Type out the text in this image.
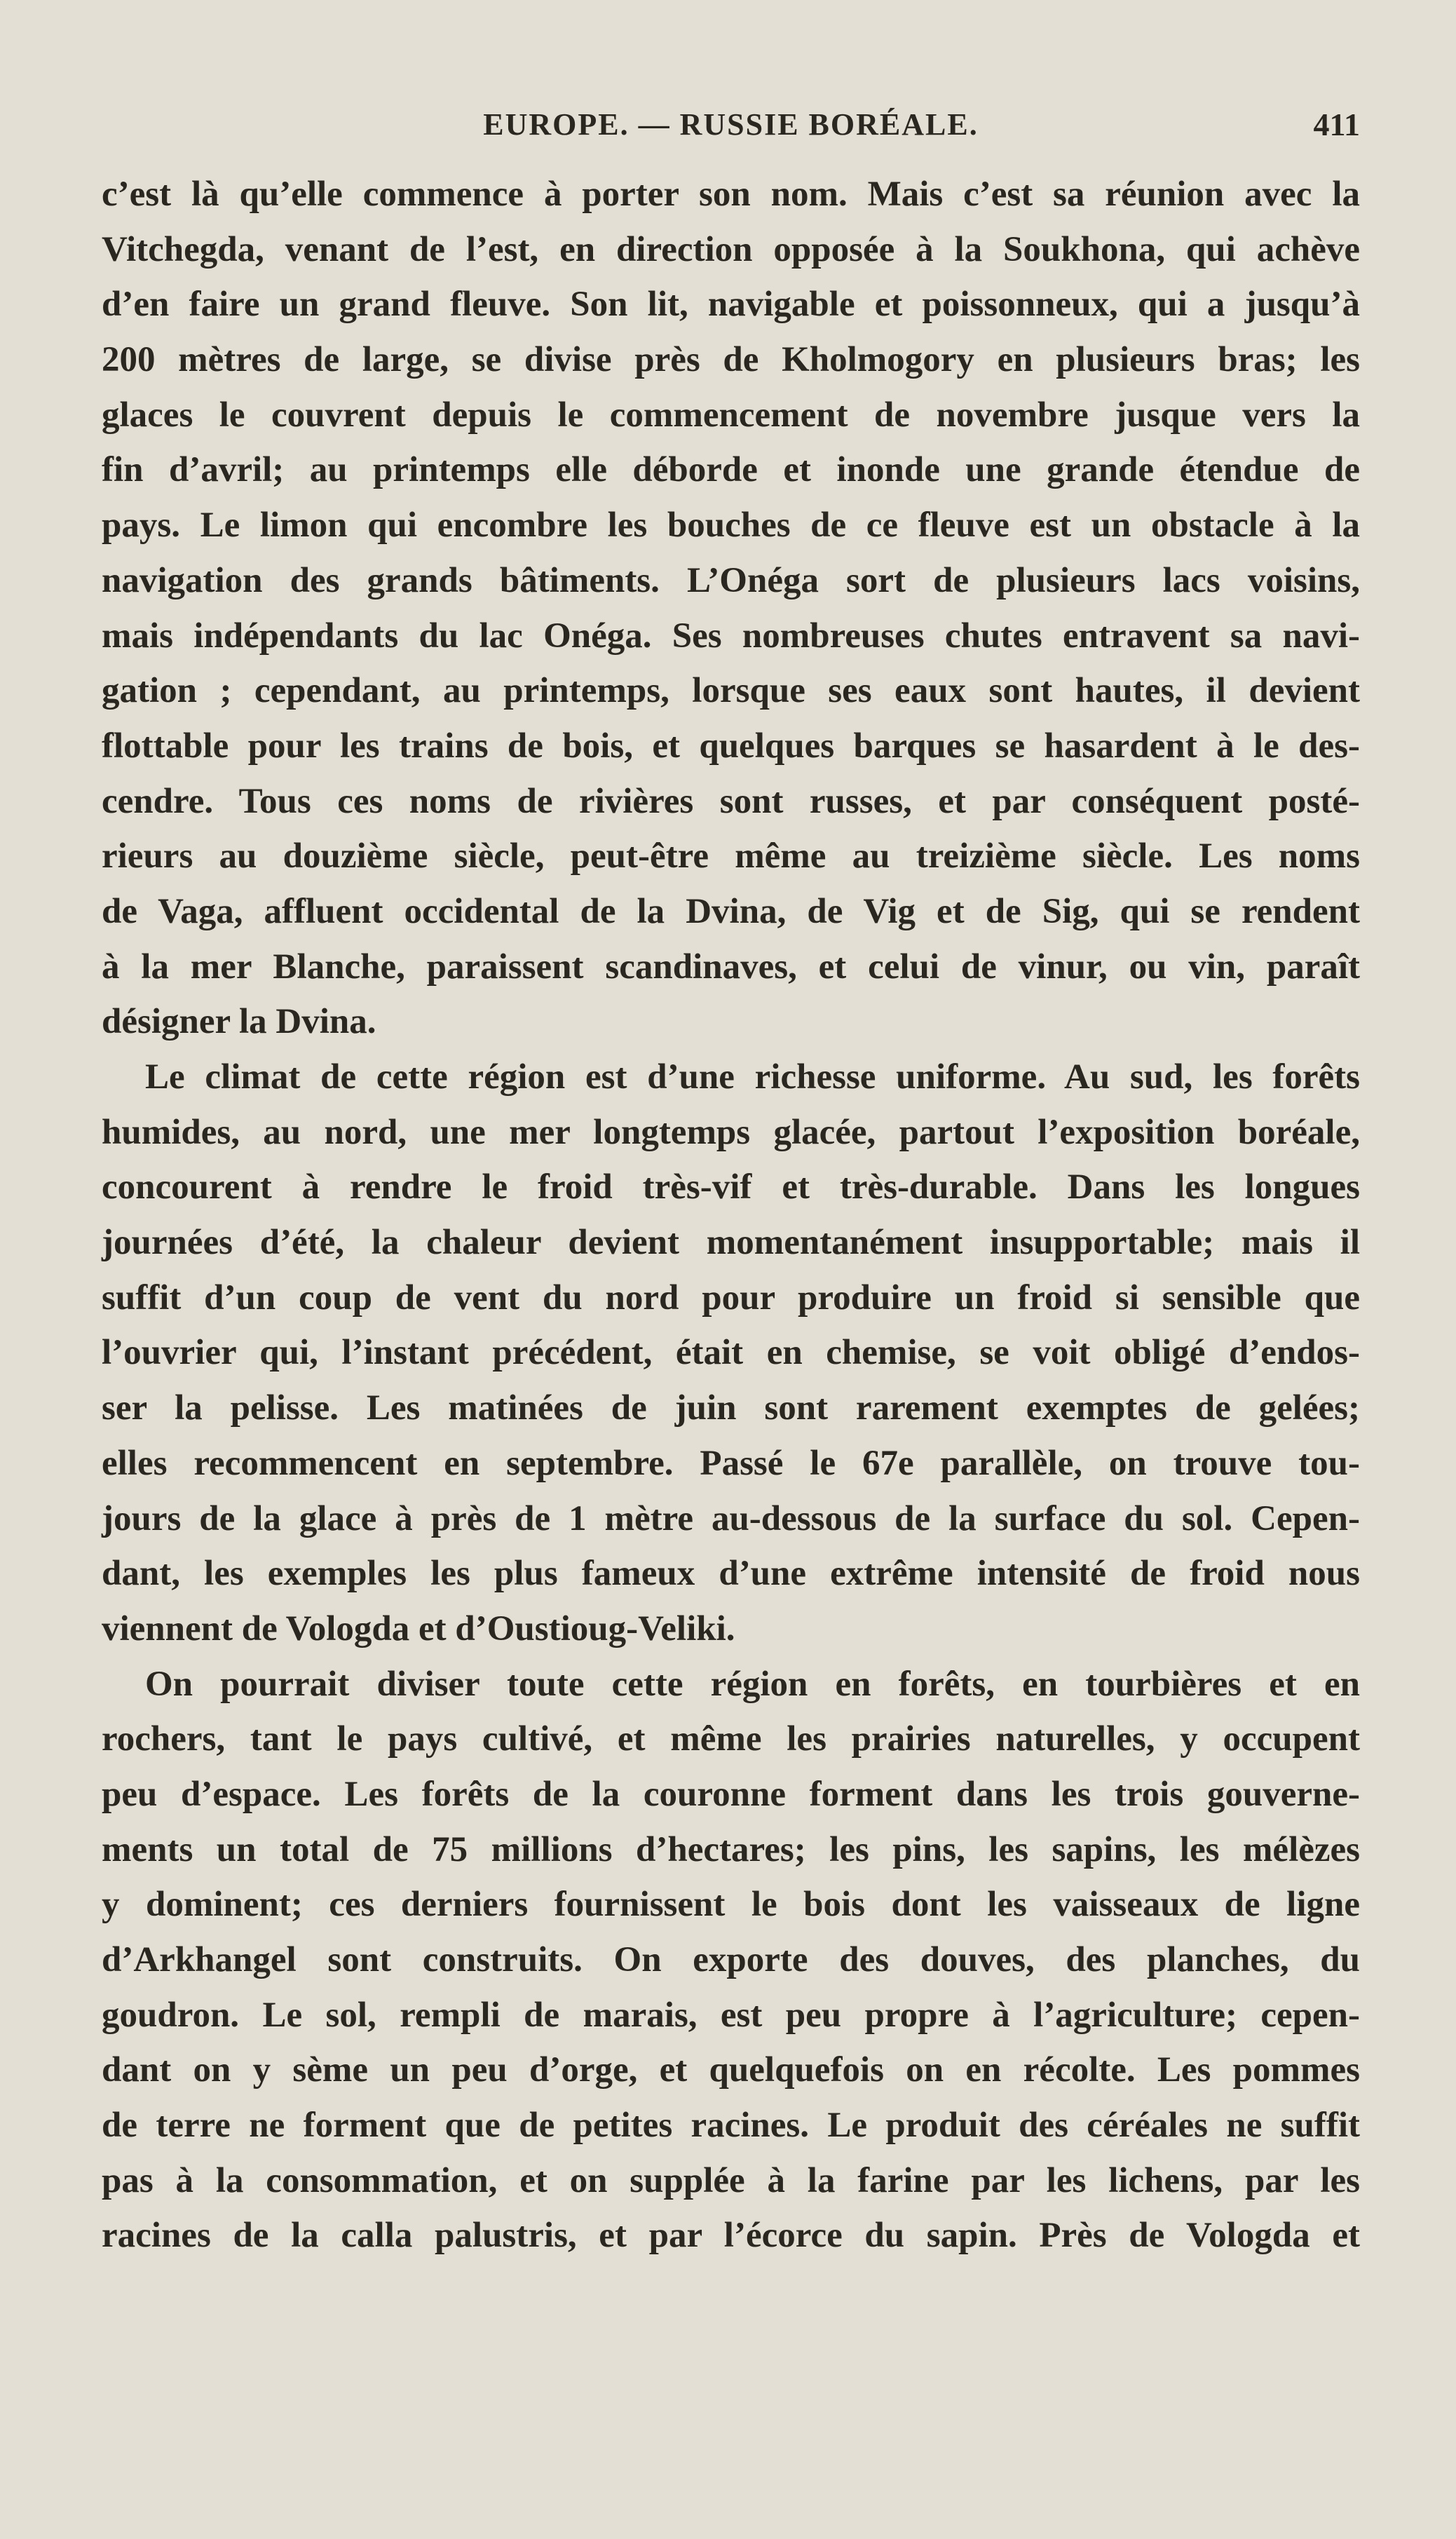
EUROPE. — RUSSIE BORÉALE.	411
c’est là qu’elle commence à porter son nom. Mais c’est sa réunion avec la
Vitchegda, venant de l’est, en direction opposée à la Soukhona, qui achève
d’en faire un grand fleuve. Son lit, navigable et poissonneux, qui a jusqu’à
200 mètres de large, se divise près de Kholmogory en plusieurs bras; les
glaces le couvrent depuis le commencement de novembre jusque vers la
fin d’avril; au printemps elle déborde et inonde une grande étendue de
pays. Le limon qui encombre les bouches de ce fleuve est un obstacle à la
navigation des grands bâtiments. L’Onéga sort de plusieurs lacs voisins,
mais indépendants du lac Onéga. Ses nombreuses chutes entravent sa navi-
gation ; cependant, au printemps, lorsque ses eaux sont hautes, il devient
flottable pour les trains de bois, et quelques barques se hasardent à le des-
cendre. Tous ces noms de rivières sont russes, et par conséquent posté-
rieurs au douzième siècle, peut-être même au treizième siècle. Les noms
de Vaga, affluent occidental de la Dvina, de Vig et de Sig, qui se rendent
à la mer Blanche, paraissent scandinaves, et celui de vinur, ou vin, paraît
désigner la Dvina.
Le climat de cette région est d’une richesse uniforme. Au sud, les forêts
humides, au nord, une mer longtemps glacée, partout l’exposition boréale,
concourent à rendre le froid très-vif et très-durable. Dans les longues
journées d’été, la chaleur devient momentanément insupportable; mais il
suffit d’un coup de vent du nord pour produire un froid si sensible que
l’ouvrier qui, l’instant précédent, était en chemise, se voit obligé d’endos-
ser la pelisse. Les matinées de juin sont rarement exemptes de gelées;
elles recommencent en septembre. Passé le 67e parallèle, on trouve tou-
jours de la glace à près de 1 mètre au-dessous de la surface du sol. Cepen-
dant, les exemples les plus fameux d’une extrême intensité de froid nous
viennent de Vologda et d’Oustioug-Veliki.
On pourrait diviser toute cette région en forêts, en tourbières et en
rochers, tant le pays cultivé, et même les prairies naturelles, y occupent
peu d’espace. Les forêts de la couronne forment dans les trois gouverne-
ments un total de 75 millions d’hectares; les pins, les sapins, les mélèzes
y dominent; ces derniers fournissent le bois dont les vaisseaux de ligne
d’Arkhangel sont construits. On exporte des douves, des planches, du
goudron. Le sol, rempli de marais, est peu propre à l’agriculture; cepen-
dant on y sème un peu d’orge, et quelquefois on en récolte. Les pommes
de terre ne forment que de petites racines. Le produit des céréales ne suffit
pas à la consommation, et on supplée à la farine par les lichens, par les
racines de la calla palustris, et par l’écorce du sapin. Près de Vologda et
